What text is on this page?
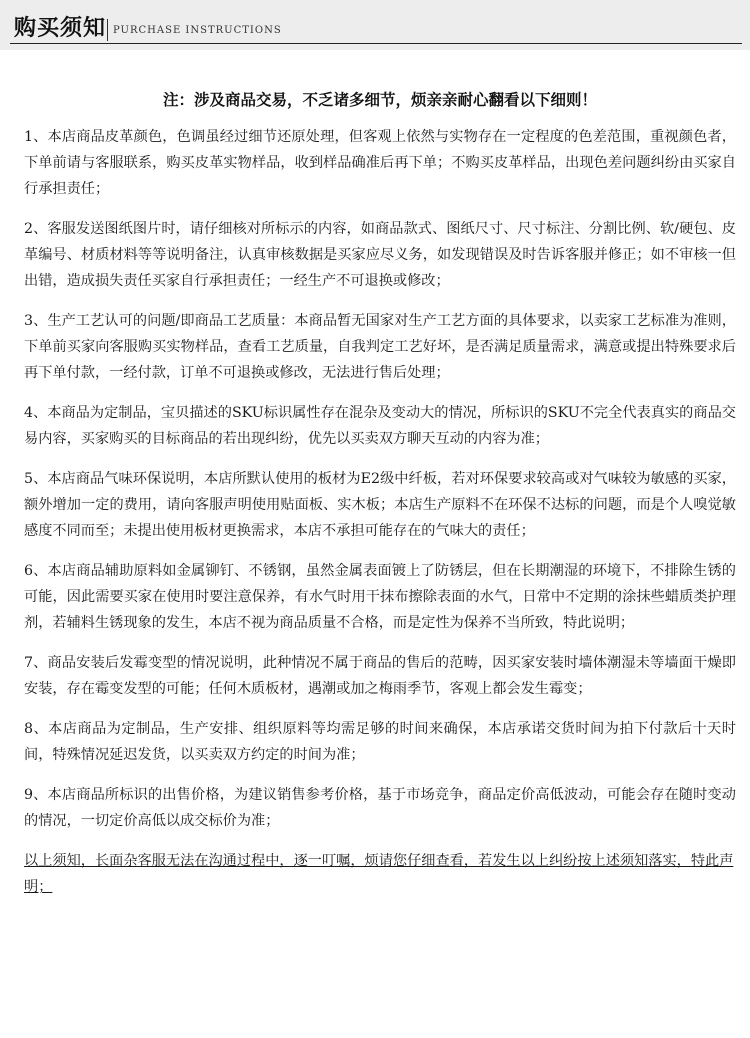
购买须知 PURCHASE INSTRUCTIONS
注：涉及商品交易，不乏诸多细节，烦亲亲耐心翻看以下细则！

1、本店商品皮革颜色，色调虽经过细节还原处理，但客观上依然与实物存在一定程度的色差范围，重视颜色者，下单前请与客服联系，购买皮革实物样品，收到样品确准后再下单；不购买皮革样品，出现色差问题纠纷由买家自行承担责任；

2、客服发送图纸图片时，请仔细核对所标示的内容，如商品款式、图纸尺寸、尺寸标注、分割比例、软/硬包、皮革编号、材质材料等等说明备注，认真审核数据是买家应尽义务，如发现错误及时告诉客服并修正；如不审核一但出错，造成损失责任买家自行承担责任；一经生产不可退换或修改；

3、生产工艺认可的问题/即商品工艺质量：本商品暂无国家对生产工艺方面的具体要求，以卖家工艺标准为准则，下单前买家向客服购买实物样品，查看工艺质量，自我判定工艺好坏，是否满足质量需求，满意或提出特殊要求后再下单付款，一经付款，订单不可退换或修改，无法进行售后处理；

4、本商品为定制品，宝贝描述的SKU标识属性存在混杂及变动大的情况，所标识的SKU不完全代表真实的商品交易内容，买家购买的目标商品的若出现纠纷，优先以买卖双方聊天互动的内容为准；

5、本店商品气味环保说明，本店所默认使用的板材为E2级中纤板，若对环保要求较高或对气味较为敏感的买家，额外增加一定的费用，请向客服声明使用贴面板、实木板；本店生产原料不在环保不达标的问题，而是个人嗅觉敏感度不同而至；未提出使用板材更换需求，本店不承担可能存在的气味大的责任；

6、本店商品辅助原料如金属铆钉、不锈钢，虽然金属表面镀上了防锈层，但在长期潮湿的环境下，不排除生锈的可能，因此需要买家在使用时要注意保养，有水气时用干抹布擦除表面的水气，日常中不定期的涂抹些蜡质类护理剂，若辅料生锈现象的发生，本店不视为商品质量不合格，而是定性为保养不当所致，特此说明；

7、商品安装后发霉变型的情况说明，此种情况不属于商品的售后的范畴，因买家安装时墙体潮湿未等墙面干燥即安装，存在霉变发型的可能；任何木质板材，遇潮或加之梅雨季节，客观上都会发生霉变；

8、本店商品为定制品，生产安排、组织原料等均需足够的时间来确保，本店承诺交货时间为拍下付款后十天时间，特殊情况延迟发货，以买卖双方约定的时间为准；

9、本店商品所标识的出售价格，为建议销售参考价格，基于市场竞争，商品定价高低波动，可能会存在随时变动的情况，一切定价高低以成交标价为准；

以上须知，长面杂客服无法在沟通过程中，逐一叮嘱，烦请您仔细查看，若发生以上纠纷按上述须知落实，特此声明；
